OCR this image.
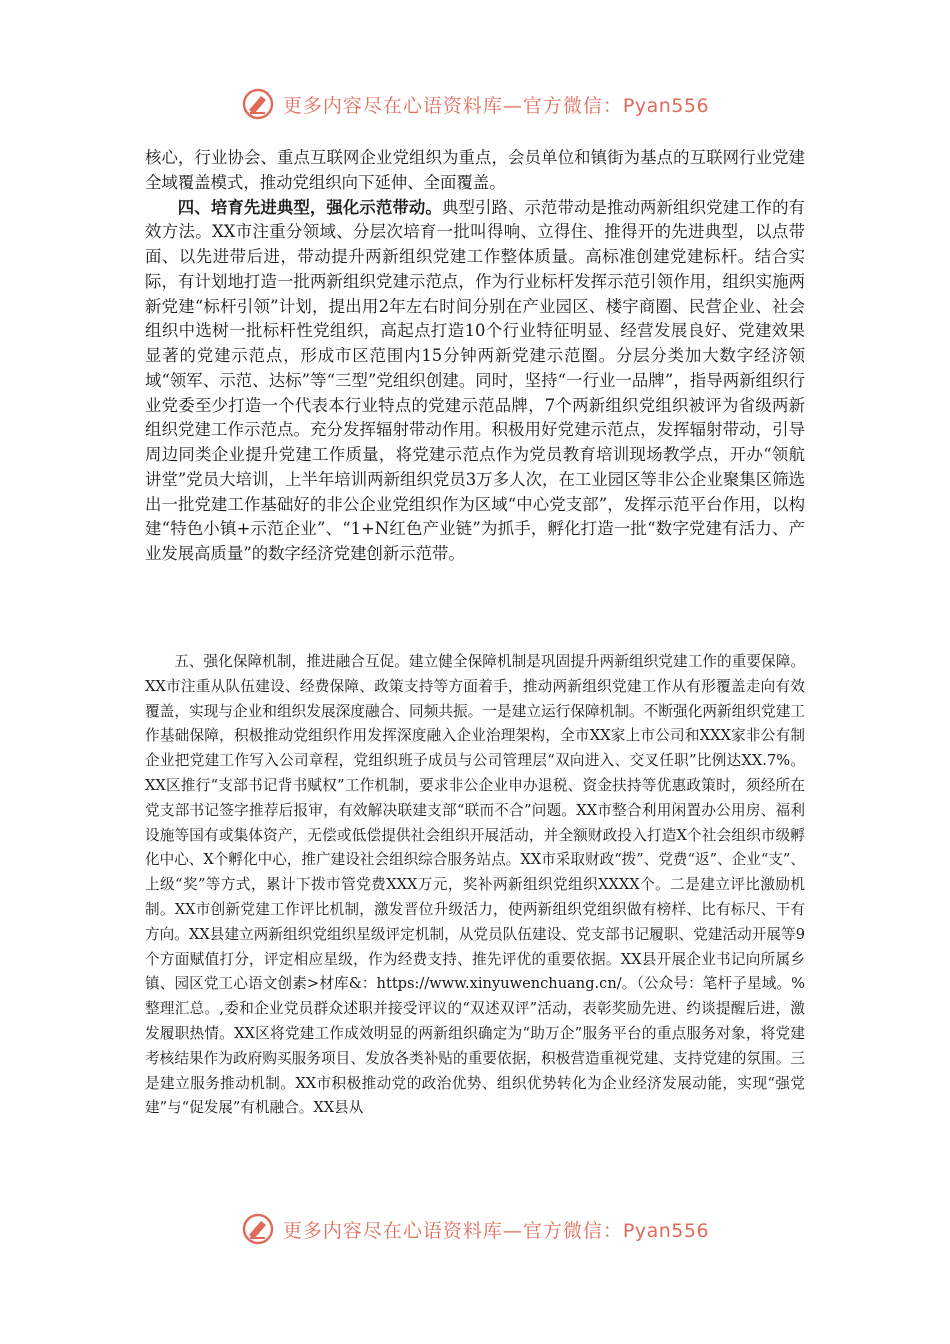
更多内容尽在心语资料库—官方微信：Pyan556

核心，行业协会、重点互联网企业党组织为重点，会员单位和镇街为基点的互联网行业党建全域覆盖模式，推动党组织向下延伸、全面覆盖。

四、培育先进典型，强化示范带动。典型引路、示范带动是推动两新组织党建工作的有效方法。XX市注重分领域、分层次培育一批叫得响、立得住、推得开的先进典型，以点带面、以先进带后进，带动提升两新组织党建工作整体质量。高标准创建党建标杆。结合实际，有计划地打造一批两新组织党建示范点，作为行业标杆发挥示范引领作用，组织实施两新党建“标杆引领”计划，提出用2年左右时间分别在产业园区、楼宇商圈、民营企业、社会组织中选树一批标杆性党组织，高起点打造10个行业特征明显、经营发展良好、党建效果显著的党建示范点，形成市区范围内15分钟两新党建示范圈。分层分类加大数字经济领域“领军、示范、达标”等“三型”党组织创建。同时，坚持“一行业一品牌”，指导两新组织行业党委至少打造一个代表本行业特点的党建示范品牌，7个两新组织党组织被评为省级两新组织党建工作示范点。充分发挥辐射带动作用。积极用好党建示范点，发挥辐射带动，引导周边同类企业提升党建工作质量，将党建示范点作为党员教育培训现场教学点，开办“领航讲堂”党员大培训，上半年培训两新组织党员3万多人次，在工业园区等非公企业聚集区筛选出一批党建工作基础好的非公企业党组织作为区域“中心党支部”，发挥示范平台作用，以构建“特色小镇+示范企业”、“1+N红色产业链”为抓手，孵化打造一批“数字党建有活力、产业发展高质量”的数字经济党建创新示范带。

五、强化保障机制，推进融合互促。建立健全保障机制是巩固提升两新组织党建工作的重要保障。XX市注重从队伍建设、经费保障、政策支持等方面着手，推动两新组织党建工作从有形覆盖走向有效覆盖，实现与企业和组织发展深度融合、同频共振。一是建立运行保障机制。不断强化两新组织党建工作基础保障，积极推动党组织作用发挥深度融入企业治理架构，全市XX家上市公司和XXX家非公有制企业把党建工作写入公司章程，党组织班子成员与公司管理层“双向进入、交叉任职”比例达XX.7%。XX区推行“支部书记背书赋权”工作机制，要求非公企业申办退税、资金扶持等优惠政策时，须经所在党支部书记签字推荐后报审，有效解决联建支部“联而不合”问题。XX市整合利用闲置办公用房、福利设施等国有或集体资产，无偿或低偿提供社会组织开展活动，并全额财政投入打造X个社会组织市级孵化中心、X个孵化中心，推广建设社会组织综合服务站点。XX市采取财政“拨”、党费“返”、企业“支”、上级“奖”等方式，累计下拨市管党费XXX万元，奖补两新组织党组织XXXX个。二是建立评比激励机制。XX市创新党建工作评比机制，激发晋位升级活力，使两新组织党组织做有榜样、比有标尺、干有方向。XX县建立两新组织党组织星级评定机制，从党员队伍建设、党支部书记履职、党建活动开展等9个方面赋值打分，评定相应星级，作为经费支持、推先评优的重要依据。XX县开展企业书记向所属乡镇、园区党工心语文创素>材库&：https://www.xinyuwenchuang.cn/。（公众号：笔杆子星域。%整理汇总。,委和企业党员群众述职并接受评议的“双述双评”活动，表彰奖励先进、约谈提醒后进，激发履职热情。XX区将党建工作成效明显的两新组织确定为“助万企”服务平台的重点服务对象，将党建考核结果作为政府购买服务项目、发放各类补贴的重要依据，积极营造重视党建、支持党建的氛围。三是建立服务推动机制。XX市积极推动党的政治优势、组织优势转化为企业经济发展动能，实现“强党建”与“促发展”有机融合。XX县从

更多内容尽在心语资料库—官方微信：Pyan556
